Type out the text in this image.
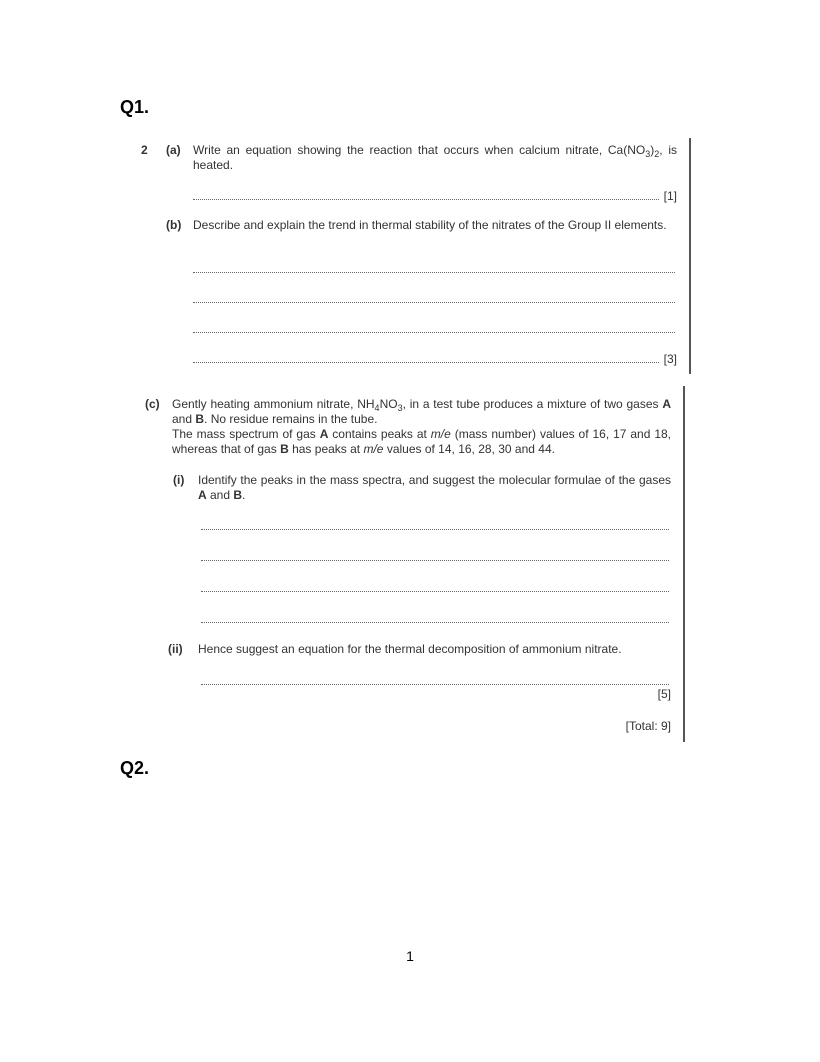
Q1.
2 (a) Write an equation showing the reaction that occurs when calcium nitrate, $Ca(NO_3)_2$, is heated.
[1]
(b) Describe and explain the trend in thermal stability of the nitrates of the Group II elements.
[3]
(c) Gently heating ammonium nitrate, $NH_4NO_3$, in a test tube produces a mixture of two gases A and B. No residue remains in the tube.
The mass spectrum of gas A contains peaks at m/e (mass number) values of 16, 17 and 18, whereas that of gas B has peaks at m/e values of 14, 16, 28, 30 and 44.
(i) Identify the peaks in the mass spectra, and suggest the molecular formulae of the gases A and B.
(ii) Hence suggest an equation for the thermal decomposition of ammonium nitrate.
[5]
[Total: 9]
Q2.
1
